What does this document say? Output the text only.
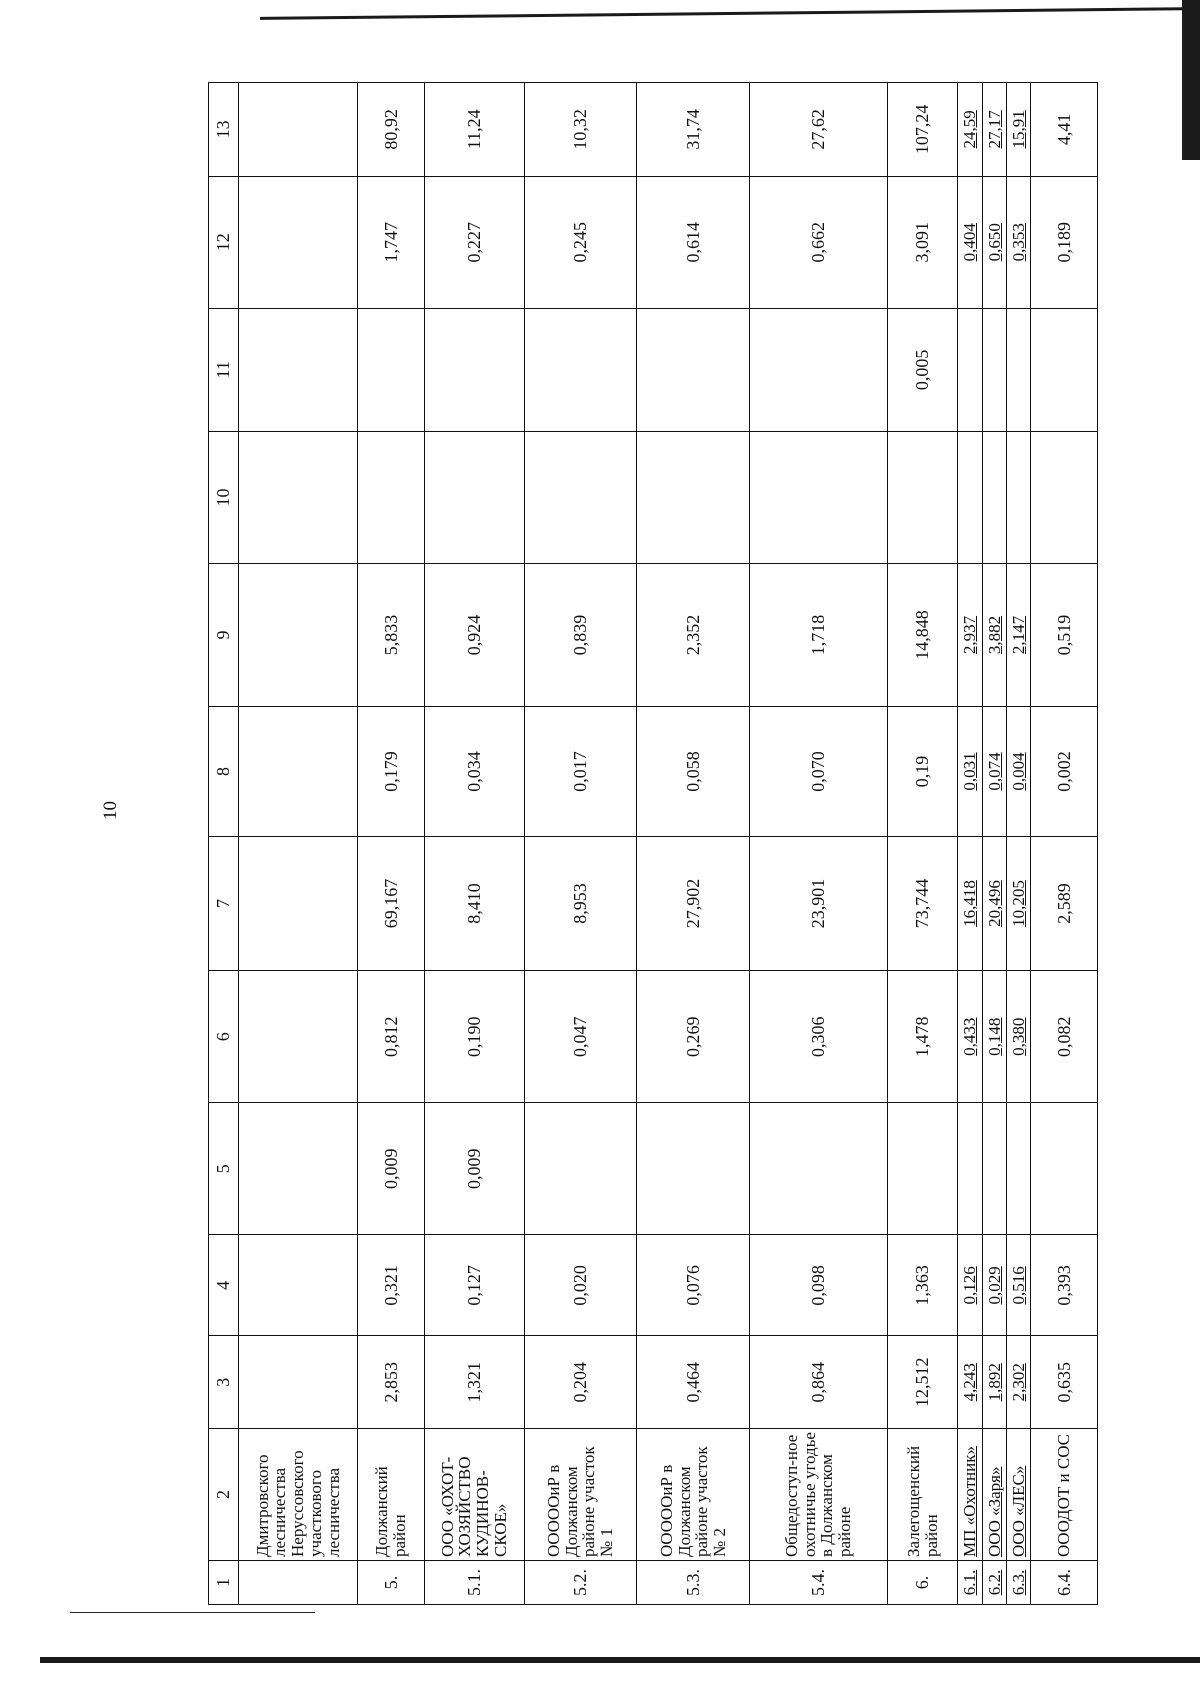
10
1	2	3	4	5	6	7	8	9	10	11	12	13
	Дмитровского лесничества Неруссовского участкового лесничества											
5.	Должанский район	2,853	0,321	0,009	0,812	69,167	0,179	5,833			1,747	80,92
5.1.	ООО «ОХОТ-ХОЗЯЙСТВО КУДИНОВ-СКОЕ»	1,321	0,127	0,009	0,190	8,410	0,034	0,924			0,227	11,24
5.2.	ОООООиР в Должанском районе участок № 1	0,204	0,020		0,047	8,953	0,017	0,839			0,245	10,32
5.3.	ОООООиР в Должанском районе участок № 2	0,464	0,076		0,269	27,902	0,058	2,352			0,614	31,74
5.4.	Общедоступ-ное охотничье угодье в Должанском районе	0,864	0,098		0,306	23,901	0,070	1,718			0,662	27,62
6.	Залегощенский район	12,512	1,363		1,478	73,744	0,19	14,848		0,005	3,091	107,24
6.1.	МП «Охотник»	4,243	0,126		0,433	16,418	0,031	2,937			0,404	24,59
6.2.	ООО «Заря»	1,892	0,029		0,148	20,496	0,074	3,882			0,650	27,17
6.3.	ООО «ЛЕС»	2,302	0,516		0,380	10,205	0,004	2,147			0,353	15,91
6.4.	ОООДОТ и СОС	0,635	0,393		0,082	2,589	0,002	0,519			0,189	4,41
